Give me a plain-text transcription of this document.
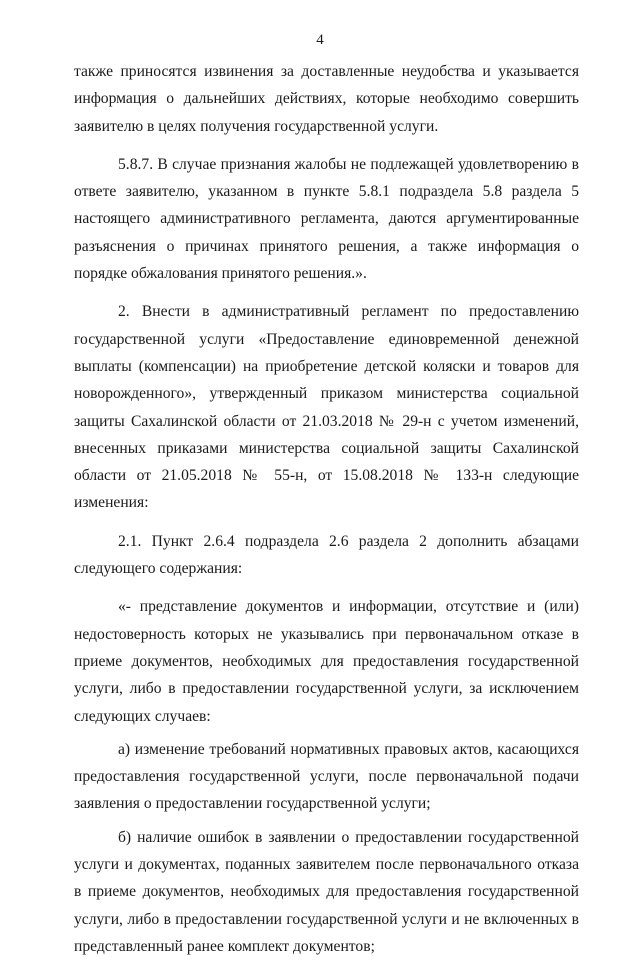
4

также приносятся извинения за доставленные неудобства и указывается информация о дальнейших действиях, которые необходимо совершить заявителю в целях получения государственной услуги.

5.8.7. В случае признания жалобы не подлежащей удовлетворению в ответе заявителю, указанном в пункте 5.8.1 подраздела 5.8 раздела 5 настоящего административного регламента, даются аргументированные разъяснения о причинах принятого решения, а также информация о порядке обжалования принятого решения.».

2. Внести в административный регламент по предоставлению государственной услуги «Предоставление единовременной денежной выплаты (компенсации) на приобретение детской коляски и товаров для новорожденного», утвержденный приказом министерства социальной защиты Сахалинской области от 21.03.2018 № 29-н с учетом изменений, внесенных приказами министерства социальной защиты Сахалинской области от 21.05.2018 № 55-н, от 15.08.2018 № 133-н следующие изменения:

2.1. Пункт 2.6.4 подраздела 2.6 раздела 2 дополнить абзацами следующего содержания:

«- представление документов и информации, отсутствие и (или) недостоверность которых не указывались при первоначальном отказе в приеме документов, необходимых для предоставления государственной услуги, либо в предоставлении государственной услуги, за исключением следующих случаев:

а) изменение требований нормативных правовых актов, касающихся предоставления государственной услуги, после первоначальной подачи заявления о предоставлении государственной услуги;

б) наличие ошибок в заявлении о предоставлении государственной услуги и документах, поданных заявителем после первоначального отказа в приеме документов, необходимых для предоставления государственной услуги, либо в предоставлении государственной услуги и не включенных в представленный ранее комплект документов;
